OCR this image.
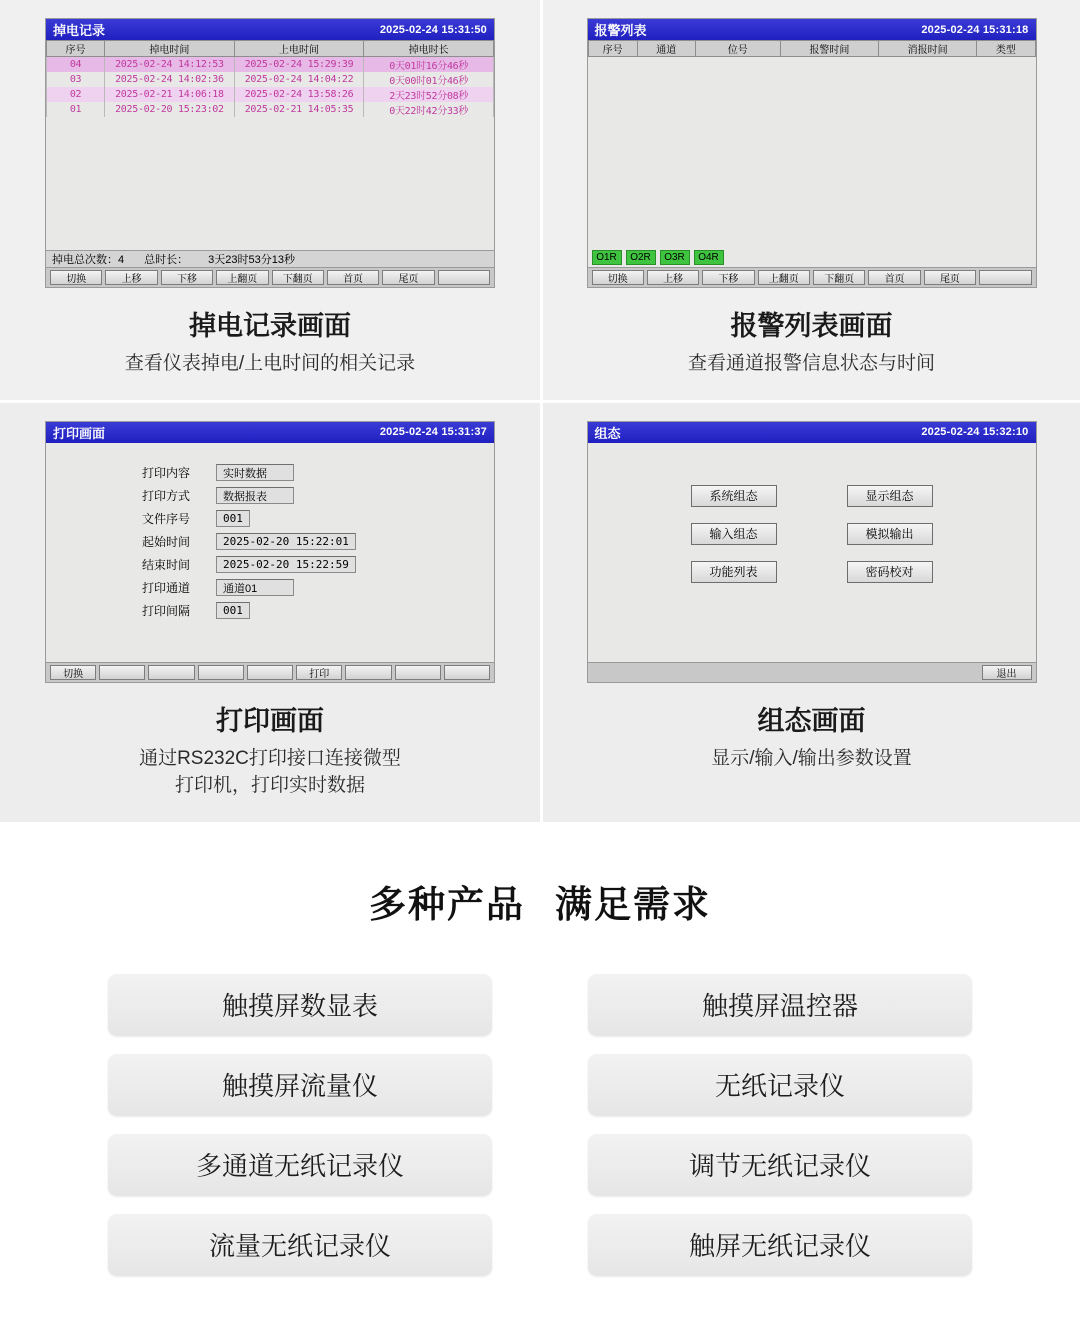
掉电记录	2025-02-24 15:31:50
序号	掉电时间	上电时间	掉电时长
04	2025-02-24 14:12:53	2025-02-24 15:29:39	0天01时16分46秒
03	2025-02-24 14:02:36	2025-02-24 14:04:22	0天00时01分46秒
02	2025-02-21 14:06:18	2025-02-24 13:58:26	2天23时52分08秒
01	2025-02-20 15:23:02	2025-02-21 14:05:35	0天22时42分33秒
掉电总次数：4 总时长： 3天23时53分13秒
切换	上移	下移	上翻页	下翻页	首页	尾页
掉电记录画面
查看仪表掉电/上电时间的相关记录
报警列表	2025-02-24 15:31:18
序号	通道	位号	报警时间	消报时间	类型
O1R	O2R	O3R	O4R
切换	上移	下移	上翻页	下翻页	首页	尾页
报警列表画面
查看通道报警信息状态与时间
打印画面	2025-02-24 15:31:37
打印内容	实时数据
打印方式	数据报表
文件序号	001
起始时间	2025-02-20 15:22:01
结束时间	2025-02-20 15:22:59
打印通道	通道01
打印间隔	001
切换	打印
打印画面
通过RS232C打印接口连接微型
打印机，打印实时数据
组态	2025-02-24 15:32:10
系统组态	显示组态
输入组态	模拟输出
功能列表	密码校对
退出
组态画面
显示/输入/输出参数设置
多种产品 满足需求
触摸屏数显表	触摸屏温控器
触摸屏流量仪	无纸记录仪
多通道无纸记录仪	调节无纸记录仪
流量无纸记录仪	触屏无纸记录仪
